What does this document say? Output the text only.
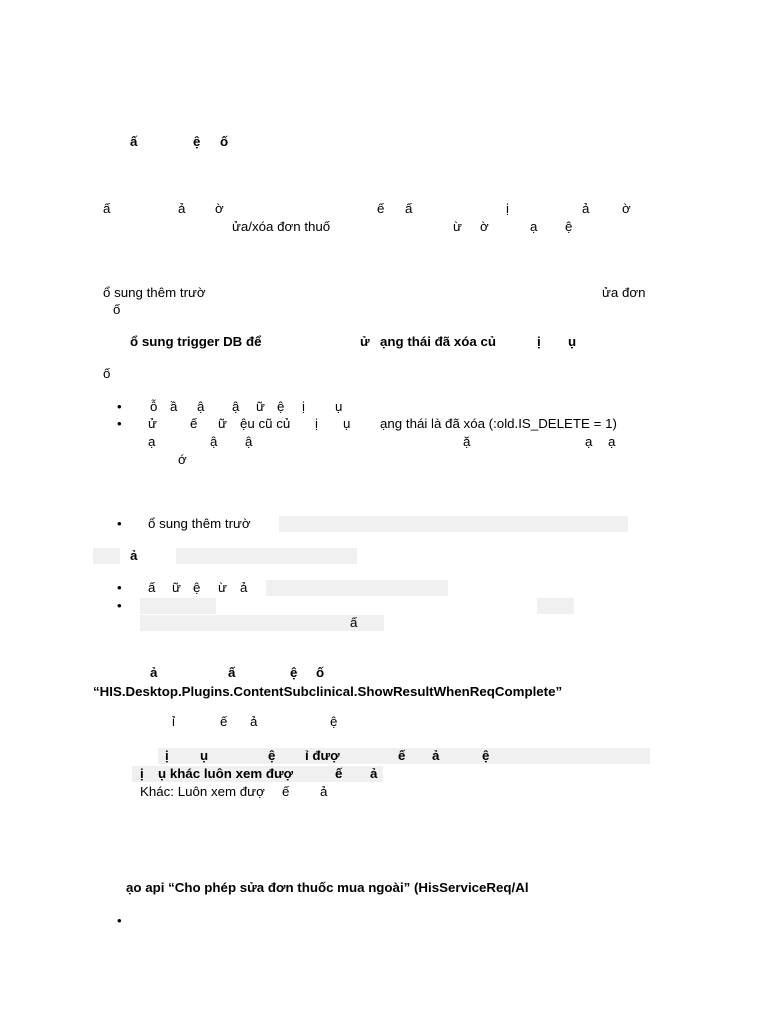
ấ	ệ ố
ấ	ả ờ	ế ấ	ị	ả ờ
ửa/xóa đơn thuố	ừ ờ	ạ ệ
ổ sung thêm trườ	ửa đơn
ố
ổ sung trigger DB để	ử ạng thái đã xóa củ	ị ụ
ố
• ỗ ầ ậ ậ ữ ệ ị ụ
• ử ế ữ ệu cũ củ ị ụ ạng thái là đã xóa (:old.IS_DELETE = 1)
ạ	ậ ậ	ặ	ạ ạ
ớ
• ổ sung thêm trườ
ả
• ấ ữ ệ ừ ả
•
ấ
ả	ấ	ệ ố
“HIS.Desktop.Plugins.ContentSubclinical.ShowResultWhenReqComplete”
ỉ	ế ả	ệ
ị ụ	ệ ỉ đượ	ế ả	ệ
ị ụ khác luôn xem đượ	ế ả
Khác: Luôn xem đượ ế ả
ạo api “Cho phép sửa đơn thuốc mua ngoài” (HisServiceReq/Al
•
